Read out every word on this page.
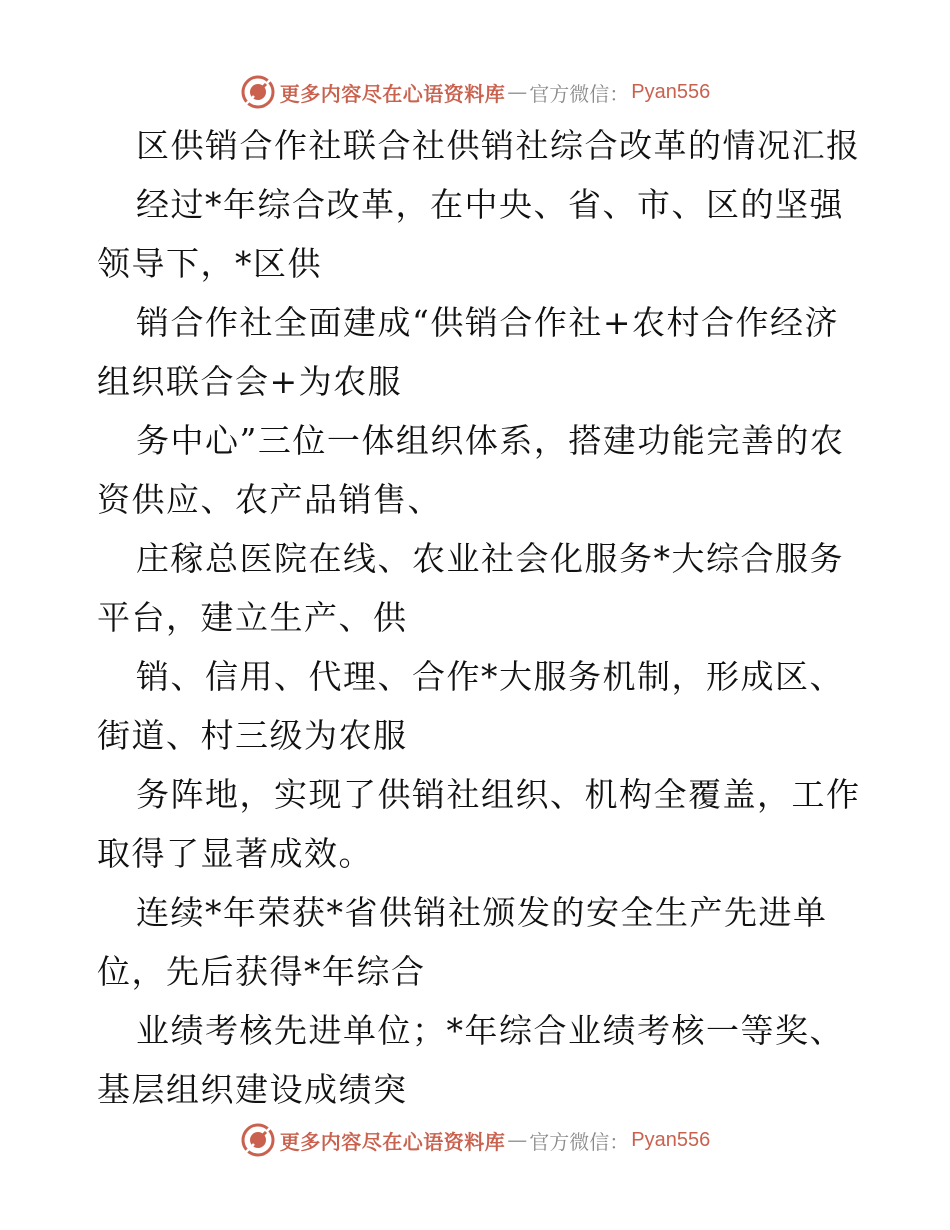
更多内容尽在心语资料库 — 官方微信： Pyan556
区供销合作社联合社供销社综合改革的情况汇报
经过*年综合改革，在中央、省、市、区的坚强
领导下，*区供
销合作社全面建成“供销合作社+农村合作经济
组织联合会+为农服
务中心”三位一体组织体系，搭建功能完善的农
资供应、农产品销售、
庄稼总医院在线、农业社会化服务*大综合服务
平台，建立生产、供
销、信用、代理、合作*大服务机制，形成区、
街道、村三级为农服
务阵地，实现了供销社组织、机构全覆盖，工作
取得了显著成效。
连续*年荣获*省供销社颁发的安全生产先进单
位，先后获得*年综合
业绩考核先进单位；*年综合业绩考核一等奖、
基层组织建设成绩突
更多内容尽在心语资料库 — 官方微信： Pyan556
